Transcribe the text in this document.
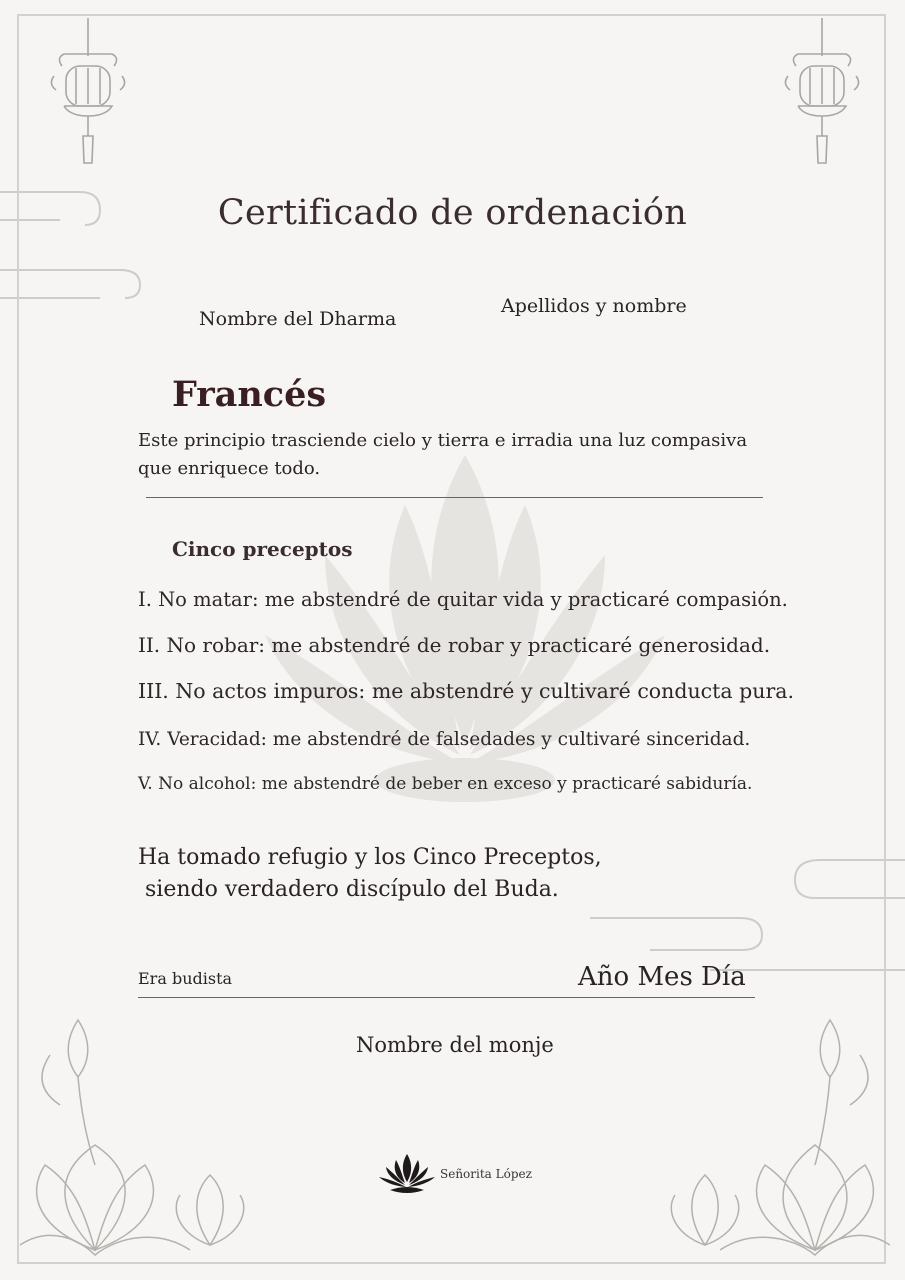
Certificado de ordenación
Nombre del Dharma
Apellidos y nombre
Francés
Este principio trasciende cielo y tierra e irradia una luz compasiva que enriquece todo.
Cinco preceptos
I. No matar: me abstendré de quitar vida y practicaré compasión.
II. No robar: me abstendré de robar y practicaré generosidad.
III. No actos impuros: me abstendré y cultivaré conducta pura.
IV. Veracidad: me abstendré de falsedades y cultivaré sinceridad.
V. No alcohol: me abstendré de beber en exceso y practicaré sabiduría.
Ha tomado refugio y los Cinco Preceptos,
siendo verdadero discípulo del Buda.
Era budista	Año Mes Día
Nombre del monje
Señorita López
